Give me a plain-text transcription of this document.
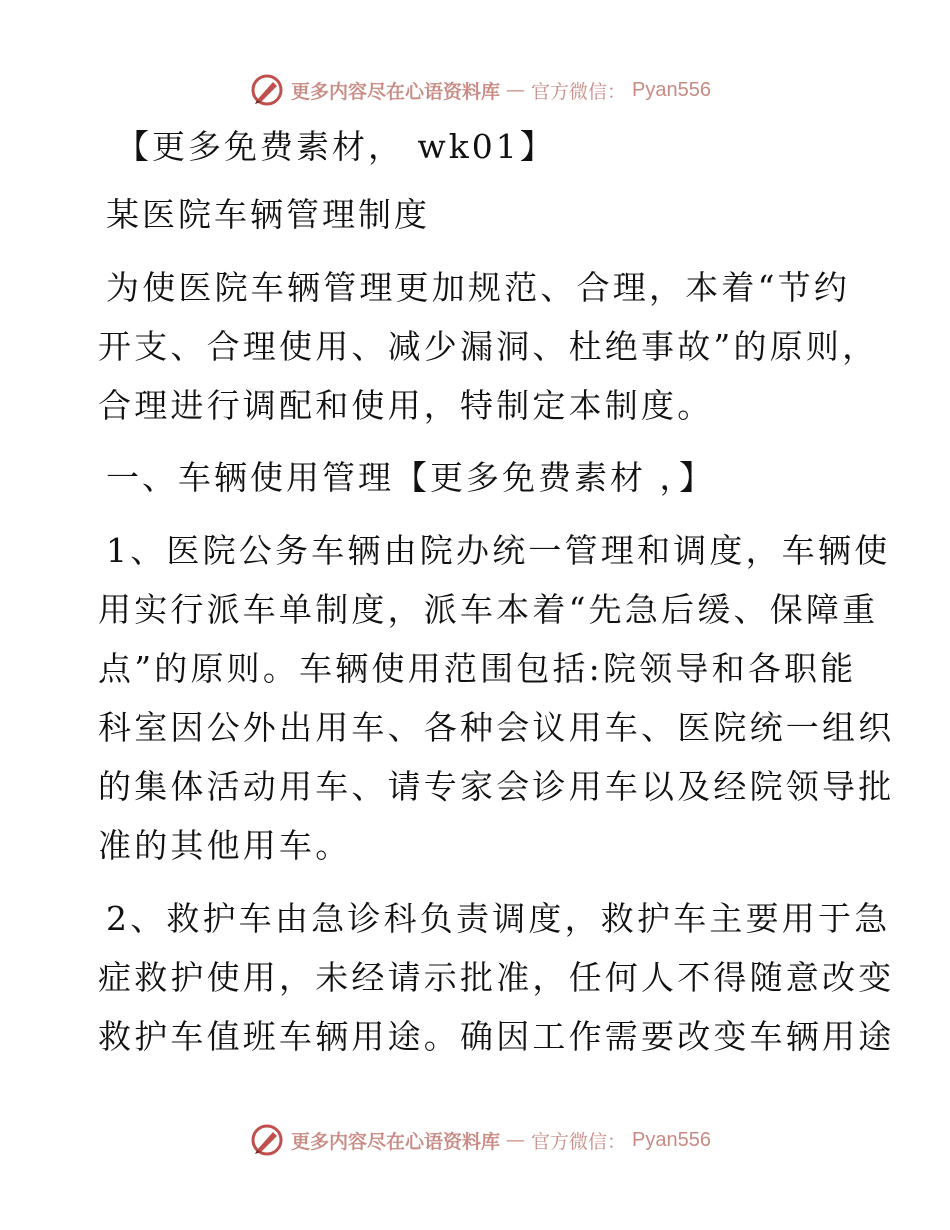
更多内容尽在心语资料库 — 官方微信： Pyan556
【更多免费素材， wk01】
某医院车辆管理制度
为使医院车辆管理更加规范、合理，本着“节约
开支、合理使用、减少漏洞、杜绝事故”的原则，
合理进行调配和使用，特制定本制度。
一、车辆使用管理【更多免费素材 ，】
1、医院公务车辆由院办统一管理和调度，车辆使
用实行派车单制度，派车本着“先急后缓、保障重
点”的原则。车辆使用范围包括:院领导和各职能
科室因公外出用车、各种会议用车、医院统一组织
的集体活动用车、请专家会诊用车以及经院领导批
准的其他用车。
2、救护车由急诊科负责调度，救护车主要用于急
症救护使用，未经请示批准，任何人不得随意改变
救护车值班车辆用途。确因工作需要改变车辆用途
更多内容尽在心语资料库 — 官方微信： Pyan556
